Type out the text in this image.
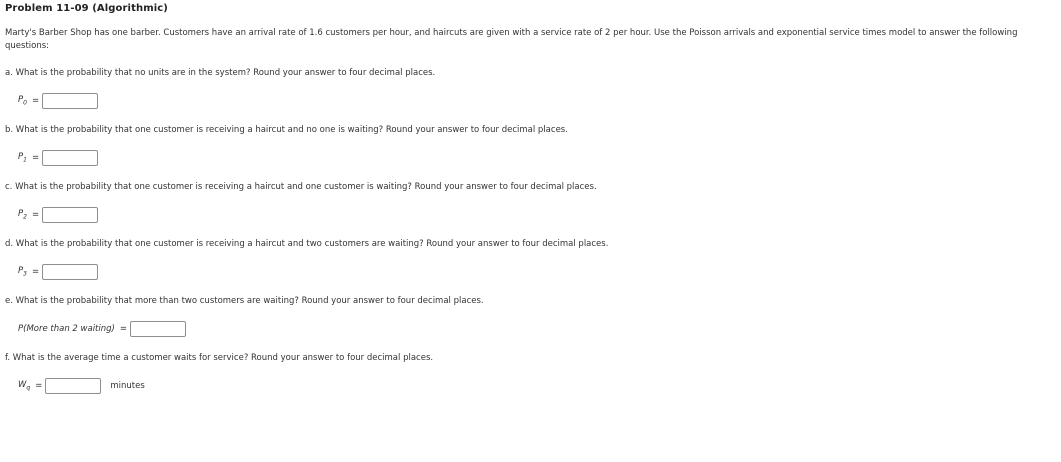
Problem 11-09 (Algorithmic)
Marty's Barber Shop has one barber. Customers have an arrival rate of 1.6 customers per hour, and haircuts are given with a service rate of 2 per hour. Use the Poisson arrivals and exponential service times model to answer the following questions:
a. What is the probability that no units are in the system? Round your answer to four decimal places.
$P_0$ =
b. What is the probability that one customer is receiving a haircut and no one is waiting? Round your answer to four decimal places.
$P_1$ =
c. What is the probability that one customer is receiving a haircut and one customer is waiting? Round your answer to four decimal places.
$P_2$ =
d. What is the probability that one customer is receiving a haircut and two customers are waiting? Round your answer to four decimal places.
$P_3$ =
e. What is the probability that more than two customers are waiting? Round your answer to four decimal places.
P(More than 2 waiting) =
f. What is the average time a customer waits for service? Round your answer to four decimal places.
$W_q$ =	minutes
